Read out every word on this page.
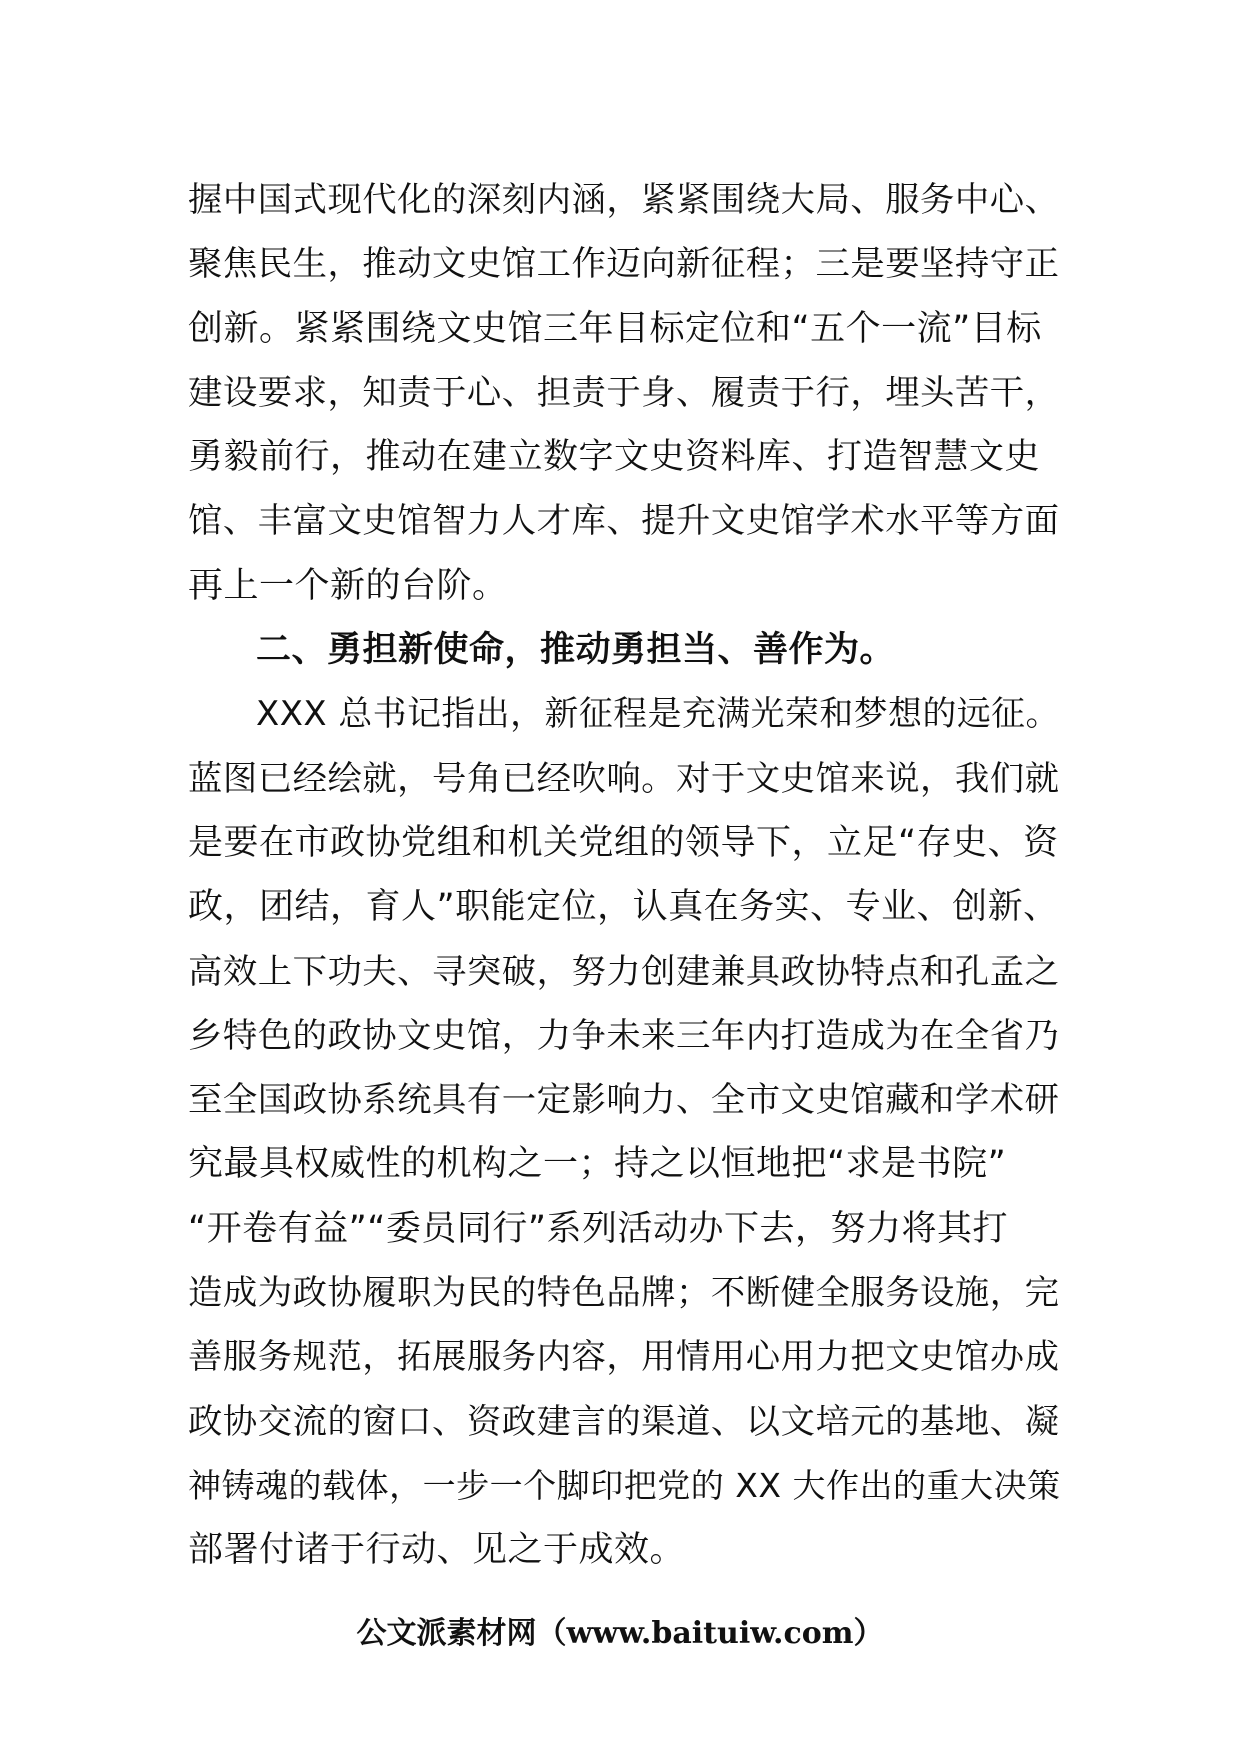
握中国式现代化的深刻内涵，紧紧围绕大局、服务中心、
聚焦民生，推动文史馆工作迈向新征程；三是要坚持守正
创新。紧紧围绕文史馆三年目标定位和“五个一流”目标
建设要求，知责于心、担责于身、履责于行，埋头苦干，
勇毅前行，推动在建立数字文史资料库、打造智慧文史
馆、丰富文史馆智力人才库、提升文史馆学术水平等方面
再上一个新的台阶。
二、勇担新使命，推动勇担当、善作为。
XXX 总书记指出，新征程是充满光荣和梦想的远征。
蓝图已经绘就，号角已经吹响。对于文史馆来说，我们就
是要在市政协党组和机关党组的领导下，立足“存史、资
政，团结，育人”职能定位，认真在务实、专业、创新、
高效上下功夫、寻突破，努力创建兼具政协特点和孔孟之
乡特色的政协文史馆，力争未来三年内打造成为在全省乃
至全国政协系统具有一定影响力、全市文史馆藏和学术研
究最具权威性的机构之一；持之以恒地把“求是书院”
“开卷有益”“委员同行”系列活动办下去，努力将其打
造成为政协履职为民的特色品牌；不断健全服务设施，完
善服务规范，拓展服务内容，用情用心用力把文史馆办成
政协交流的窗口、资政建言的渠道、以文培元的基地、凝
神铸魂的载体，一步一个脚印把党的 XX 大作出的重大决策
部署付诸于行动、见之于成效。
公文派素材网（www.baituiw.com）
